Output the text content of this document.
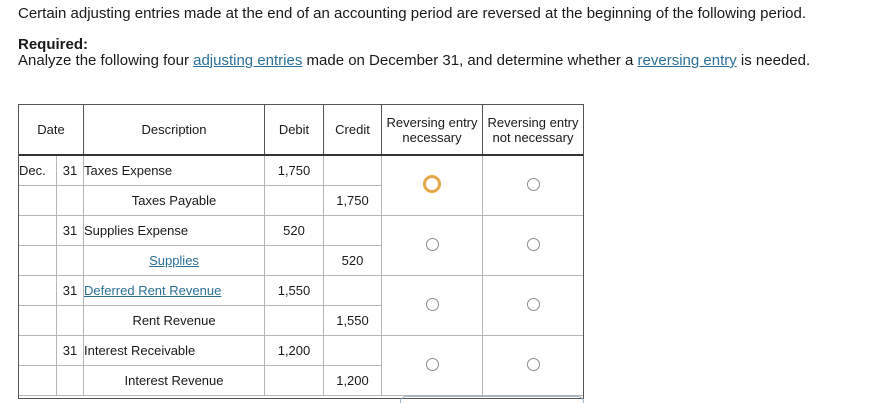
Certain adjusting entries made at the end of an accounting period are reversed at the beginning of the following period.
Required:
Analyze the following four adjusting entries made on December 31, and determine whether a reversing entry is needed.
Date		Description	Debit	Credit	Reversing entry necessary	Reversing entry not necessary
Dec.	31	Taxes Expense	1,750			
		Taxes Payable		1,750		
	31	Supplies Expense	520			
		Supplies		520		
	31	Deferred Rent Revenue	1,550			
		Rent Revenue		1,550		
	31	Interest Receivable	1,200			
		Interest Revenue		1,200		
